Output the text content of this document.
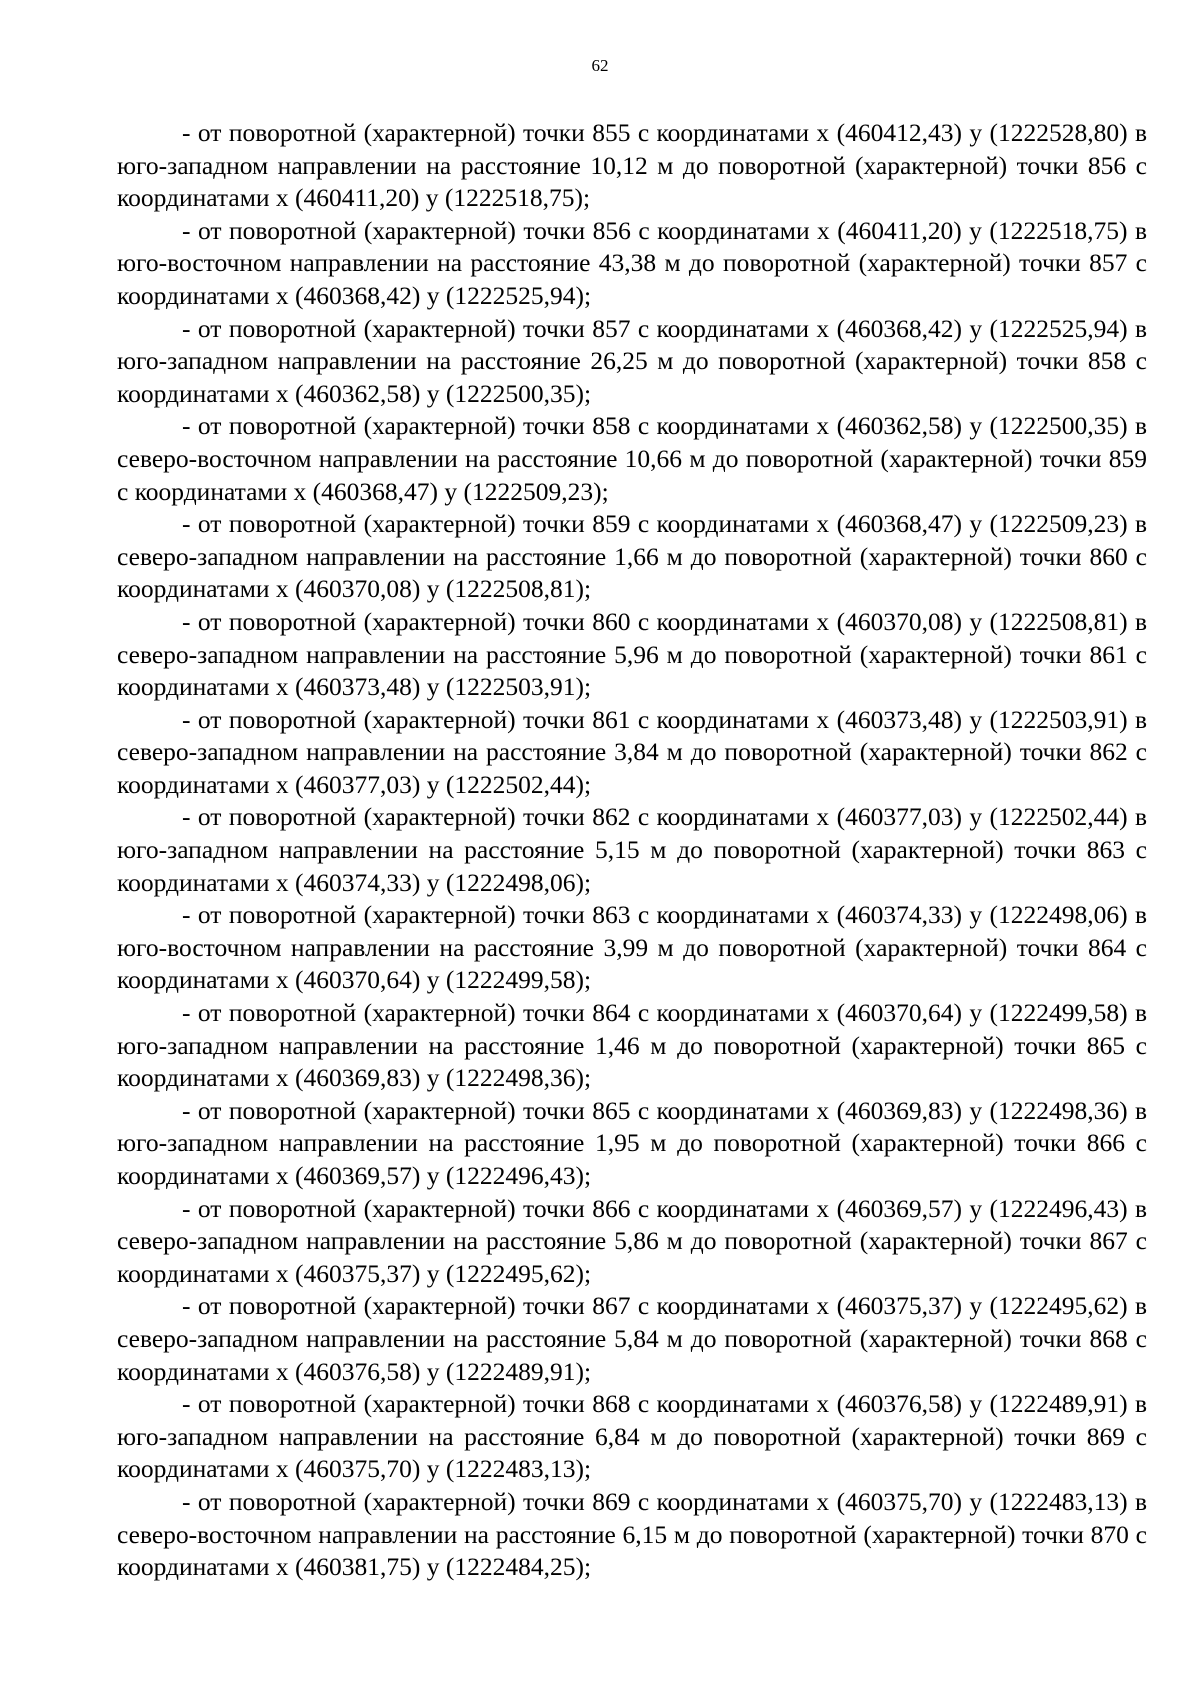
62

- от поворотной (характерной) точки 855 с координатами х (460412,43) у (1222528,80) в юго-западном направлении на расстояние 10,12 м до поворотной (характерной) точки 856 с координатами х (460411,20) у (1222518,75);

- от поворотной (характерной) точки 856 с координатами х (460411,20) у (1222518,75) в юго-восточном направлении на расстояние 43,38 м до поворотной (характерной) точки 857 с координатами х (460368,42) у (1222525,94);

- от поворотной (характерной) точки 857 с координатами х (460368,42) у (1222525,94) в юго-западном направлении на расстояние 26,25 м до поворотной (характерной) точки 858 с координатами х (460362,58) у (1222500,35);

- от поворотной (характерной) точки 858 с координатами х (460362,58) у (1222500,35) в северо-восточном направлении на расстояние 10,66 м до поворотной (характерной) точки 859 с координатами х (460368,47) у (1222509,23);

- от поворотной (характерной) точки 859 с координатами х (460368,47) у (1222509,23) в северо-западном направлении на расстояние 1,66 м до поворотной (характерной) точки 860 с координатами х (460370,08) у (1222508,81);

- от поворотной (характерной) точки 860 с координатами х (460370,08) у (1222508,81) в северо-западном направлении на расстояние 5,96 м до поворотной (характерной) точки 861 с координатами х (460373,48) у (1222503,91);

- от поворотной (характерной) точки 861 с координатами х (460373,48) у (1222503,91) в северо-западном направлении на расстояние 3,84 м до поворотной (характерной) точки 862 с координатами х (460377,03) у (1222502,44);

- от поворотной (характерной) точки 862 с координатами х (460377,03) у (1222502,44) в юго-западном направлении на расстояние 5,15 м до поворотной (характерной) точки 863 с координатами х (460374,33) у (1222498,06);

- от поворотной (характерной) точки 863 с координатами х (460374,33) у (1222498,06) в юго-восточном направлении на расстояние 3,99 м до поворотной (характерной) точки 864 с координатами х (460370,64) у (1222499,58);

- от поворотной (характерной) точки 864 с координатами х (460370,64) у (1222499,58) в юго-западном направлении на расстояние 1,46 м до поворотной (характерной) точки 865 с координатами х (460369,83) у (1222498,36);

- от поворотной (характерной) точки 865 с координатами х (460369,83) у (1222498,36) в юго-западном направлении на расстояние 1,95 м до поворотной (характерной) точки 866 с координатами х (460369,57) у (1222496,43);

- от поворотной (характерной) точки 866 с координатами х (460369,57) у (1222496,43) в северо-западном направлении на расстояние 5,86 м до поворотной (характерной) точки 867 с координатами х (460375,37) у (1222495,62);

- от поворотной (характерной) точки 867 с координатами х (460375,37) у (1222495,62) в северо-западном направлении на расстояние 5,84 м до поворотной (характерной) точки 868 с координатами х (460376,58) у (1222489,91);

- от поворотной (характерной) точки 868 с координатами х (460376,58) у (1222489,91) в юго-западном направлении на расстояние 6,84 м до поворотной (характерной) точки 869 с координатами х (460375,70) у (1222483,13);

- от поворотной (характерной) точки 869 с координатами х (460375,70) у (1222483,13) в северо-восточном направлении на расстояние 6,15 м до поворотной (характерной) точки 870 с координатами х (460381,75) у (1222484,25);
